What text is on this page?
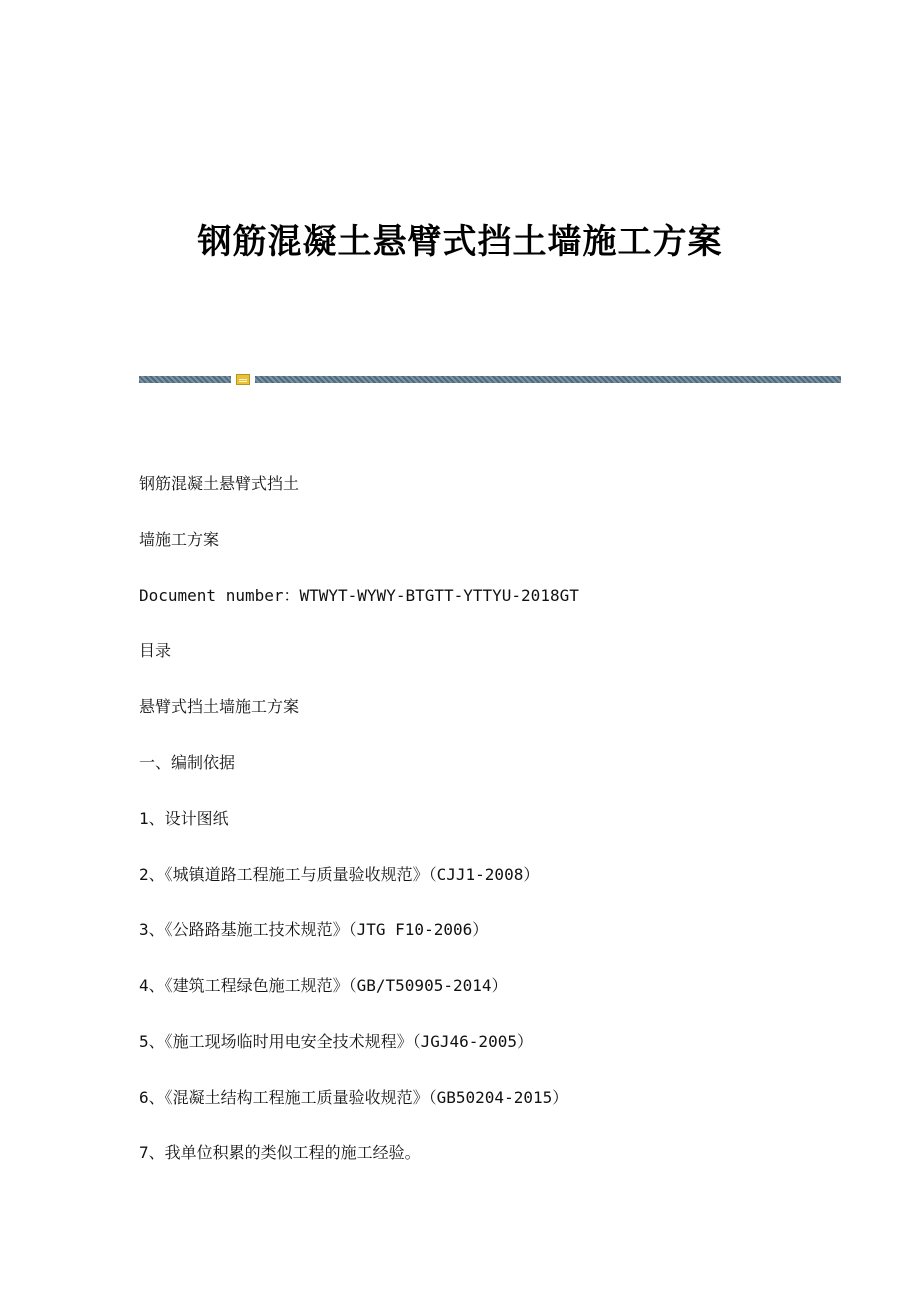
钢筋混凝土悬臂式挡土墙施工方案

钢筋混凝土悬臂式挡土

墙施工方案

Document number：WTWYT-WYWY-BTGTT-YTTYU-2018GT

目录

悬臂式挡土墙施工方案

一、编制依据

1、设计图纸

2、《城镇道路工程施工与质量验收规范》（CJJ1-2008）

3、《公路路基施工技术规范》（JTG F10-2006）

4、《建筑工程绿色施工规范》（GB/T50905-2014）

5、《施工现场临时用电安全技术规程》（JGJ46-2005）

6、《混凝土结构工程施工质量验收规范》（GB50204-2015）

7、我单位积累的类似工程的施工经验。
